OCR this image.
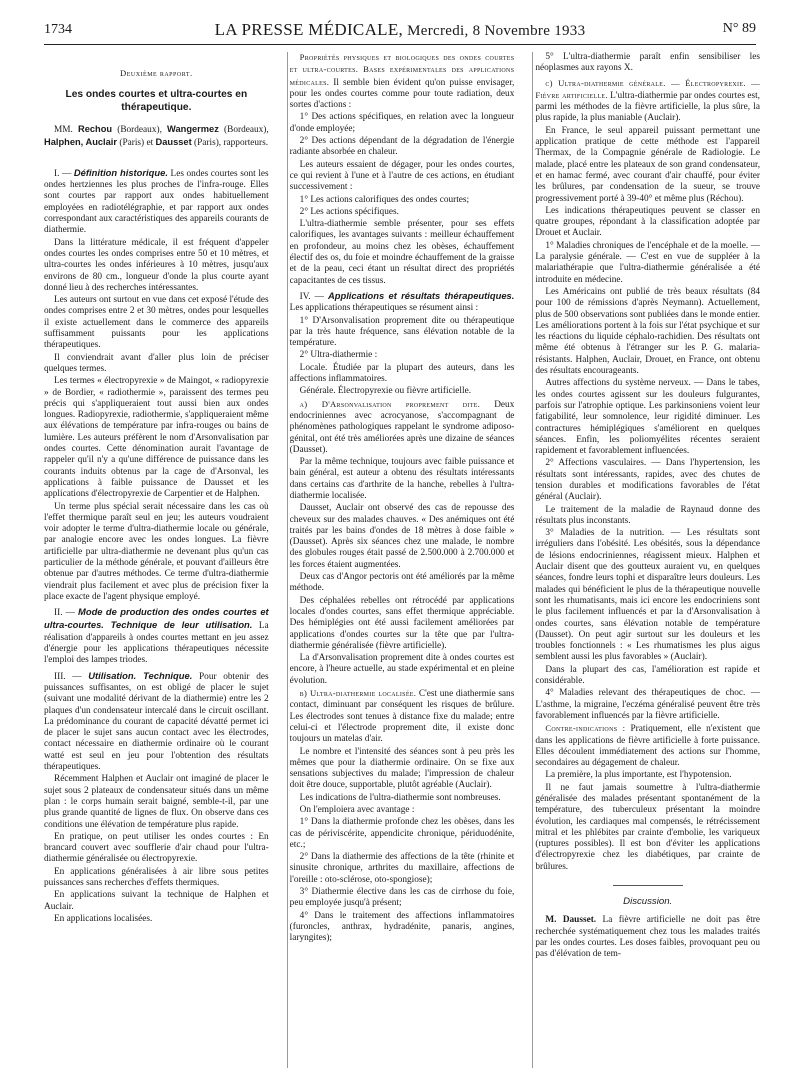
1734	LA PRESSE MÉDICALE, Mercredi, 8 Novembre 1933	N° 89

Deuxième rapport.

Les ondes courtes et ultra-courtes en thérapeutique.

MM. Rechou (Bordeaux), Wangermez (Bordeaux), Halphen, Auclair (Paris) et Dausset (Paris), rapporteurs.

I. — Définition historique. Les ondes courtes sont les ondes hertziennes les plus proches de l'infra-rouge. Elles sont courtes par rapport aux ondes habituellement employées en radiotélégraphie, et par rapport aux ondes correspondant aux caractéristiques des appareils courants de diathermie.

Dans la littérature médicale, il est fréquent d'appeler ondes courtes les ondes comprises entre 50 et 10 mètres, et ultra-courtes les ondes inférieures à 10 mètres, jusqu'aux environs de 80 cm., longueur d'onde la plus courte ayant donné lieu à des recherches intéressantes.

Les auteurs ont surtout en vue dans cet exposé l'étude des ondes comprises entre 2 et 30 mètres, ondes pour lesquelles il existe actuellement dans le commerce des appareils suffisamment puissants pour les applications thérapeutiques.

Il conviendrait avant d'aller plus loin de préciser quelques termes.

Les termes « électropyrexie » de Maingot, « radiopyrexie » de Bordier, « radiothermie », paraissent des termes peu précis qui s'appliqueraient tout aussi bien aux ondes longues. Radiopyrexie, radiothermie, s'appliqueraient même aux élévations de température par infra-rouges ou bains de lumière. Les auteurs préfèrent le nom d'Arsonvalisation par ondes courtes. Cette dénomination aurait l'avantage de rappeler qu'il n'y a qu'une différence de puissance dans les courants induits obtenus par la cage de d'Arsonval, les applications à faible puissance de Dausset et les applications d'électropyrexie de Carpentier et de Halphen.

Un terme plus spécial serait nécessaire dans les cas où l'effet thermique paraît seul en jeu; les auteurs voudraient voir adopter le terme d'ultra-diathermie locale ou générale, par analogie encore avec les ondes longues. La fièvre artificielle par ultra-diathermie ne devenant plus qu'un cas particulier de la méthode générale, et pouvant d'ailleurs être obtenue par d'autres méthodes. Ce terme d'ultra-diathermie viendrait plus facilement et avec plus de précision fixer la place exacte de l'agent physique employé.

II. — Mode de production des ondes courtes et ultra-courtes. Technique de leur utilisation. La réalisation d'appareils à ondes courtes mettant en jeu assez d'énergie pour les applications thérapeutiques nécessite l'emploi des lampes triodes.

III. — Utilisation. Technique. Pour obtenir des puissances suffisantes, on est obligé de placer le sujet (suivant une modalité dérivant de la diathermie) entre les 2 plaques d'un condensateur intercalé dans le circuit oscillant. La prédominance du courant de capacité dévatté permet ici de placer le sujet sans aucun contact avec les électrodes, contact nécessaire en diathermie ordinaire où le courant watté est seul en jeu pour l'obtention des résultats thérapeutiques.

Récemment Halphen et Auclair ont imaginé de placer le sujet sous 2 plateaux de condensateur situés dans un même plan : le corps humain serait baigné, semble-t-il, par une plus grande quantité de lignes de flux. On observe dans ces conditions une élévation de température plus rapide.

En pratique, on peut utiliser les ondes courtes : En brancard couvert avec soufflerie d'air chaud pour l'ultra-diathermie généralisée ou électropyrexie.

En applications généralisées à air libre sous petites puissances sans recherches d'effets thermiques.

En applications suivant la technique de Halphen et Auclair.

En applications localisées.

Propriétés physiques et biologiques des ondes courtes et ultra-courtes. Bases expérimentales des applications médicales. Il semble bien évident qu'on puisse envisager, pour les ondes courtes comme pour toute radiation, deux sortes d'actions :

1° Des actions spécifiques, en relation avec la longueur d'onde employée;

2° Des actions dépendant de la dégradation de l'énergie radiante absorbée en chaleur.

Les auteurs essaient de dégager, pour les ondes courtes, ce qui revient à l'une et à l'autre de ces actions, en étudiant successivement :

1° Les actions calorifiques des ondes courtes;

2° Les actions spécifiques.

L'ultra-diathermie semble présenter, pour ses effets calorifiques, les avantages suivants : meilleur échauffement en profondeur, au moins chez les obèses, échauffement électif des os, du foie et moindre échauffement de la graisse et de la peau, ceci étant un résultat direct des propriétés capacitantes de ces tissus.

IV. — Applications et résultats thérapeutiques. Les applications thérapeutiques se résument ainsi :

1° D'Arsonvalisation proprement dite ou thérapeutique par la très haute fréquence, sans élévation notable de la température.

2° Ultra-diathermie :

Locale. Étudiée par la plupart des auteurs, dans les affections inflammatoires.

Générale. Électropyrexie ou fièvre artificielle.

a) D'Arsonvalisation proprement dite. Deux endocriniennes avec acrocyanose, s'accompagnant de phénomènes pathologiques rappelant le syndrome adiposo-génital, ont été très améliorées après une dizaine de séances (Dausset).

Par la même technique, toujours avec faible puissance et bain général, est auteur a obtenu des résultats intéressants dans certains cas d'arthrite de la hanche, rebelles à l'ultra-diathermie localisée.

Dausset, Auclair ont observé des cas de repousse des cheveux sur des malades chauves. « Des anémiques ont été traités par les bains d'ondes de 18 mètres à dose faible » (Dausset). Après six séances chez une malade, le nombre des globules rouges était passé de 2.500.000 à 2.700.000 et les forces étaient augmentées.

Deux cas d'Angor pectoris ont été améliorés par la même méthode.

Des céphalées rebelles ont rétrocédé par applications locales d'ondes courtes, sans effet thermique appréciable. Des hémiplégies ont été aussi facilement améliorées par applications d'ondes courtes sur la tête que par l'ultra-diathermie généralisée (fièvre artificielle).

La d'Arsonvalisation proprement dite à ondes courtes est encore, à l'heure actuelle, au stade expérimental et en pleine évolution.

b) Ultra-diathermie localisée. C'est une diathermie sans contact, diminuant par conséquent les risques de brûlure. Les électrodes sont tenues à distance fixe du malade; entre celui-ci et l'électrode proprement dite, il existe donc toujours un matelas d'air.

Le nombre et l'intensité des séances sont à peu près les mêmes que pour la diathermie ordinaire. On se fixe aux sensations subjectives du malade; l'impression de chaleur doit être douce, supportable, plutôt agréable (Auclair).

Les indications de l'ultra-diathermie sont nombreuses.

On l'emploiera avec avantage :

1° Dans la diathermie profonde chez les obèses, dans les cas de périviscérite, appendicite chronique, périduodénite, etc.;

2° Dans la diathermie des affections de la tête (rhinite et sinusite chronique, arthrites du maxillaire, affections de l'oreille : oto-sclérose, oto-spongiose);

3° Diathermie élective dans les cas de cirrhose du foie, peu employée jusqu'à présent;

4° Dans le traitement des affections inflammatoires (furoncles, anthrax, hydradénite, panaris, angines, laryngites);

5° L'ultra-diathermie paraît enfin sensibiliser les néoplasmes aux rayons X.

c) Ultra-diathermie générale. — Électropyrexie. — Fièvre artificielle. L'ultra-diathermie par ondes courtes est, parmi les méthodes de la fièvre artificielle, la plus sûre, la plus rapide, la plus maniable (Auclair).

En France, le seul appareil puissant permettant une application pratique de cette méthode est l'appareil Thermax, de la Compagnie générale de Radiologie. Le malade, placé entre les plateaux de son grand condensateur, et en hamac fermé, avec courant d'air chauffé, pour éviter les brûlures, par condensation de la sueur, se trouve progressivement porté à 39-40° et même plus (Réchou).

Les indications thérapeutiques peuvent se classer en quatre groupes, répondant à la classification adoptée par Drouet et Auclair.

1° Maladies chroniques de l'encéphale et de la moelle. — La paralysie générale. — C'est en vue de suppléer à la malariathérapie que l'ultra-diathermie généralisée a été introduite en médecine.

Les Américains ont publié de très beaux résultats (84 pour 100 de rémissions d'après Neymann). Actuellement, plus de 500 observations sont publiées dans le monde entier. Les améliorations portent à la fois sur l'état psychique et sur les réactions du liquide céphalo-rachidien. Des résultats ont même été obtenus à l'étranger sur les P. G. malaria-résistants. Halphen, Auclair, Drouet, en France, ont obtenu des résultats encourageants.

Autres affections du système nerveux. — Dans le tabes, les ondes courtes agissent sur les douleurs fulgurantes, parfois sur l'atrophie optique. Les parkinsoniens voient leur fatigabilité, leur somnolence, leur rigidité diminuer. Les contractures hémiplégiques s'améliorent en quelques séances. Enfin, les poliomyélites récentes seraient rapidement et favorablement influencées.

2° Affections vasculaires. — Dans l'hypertension, les résultats sont intéressants, rapides, avec des chutes de tension durables et modifications favorables de l'état général (Auclair).

Le traitement de la maladie de Raynaud donne des résultats plus inconstants.

3° Maladies de la nutrition. — Les résultats sont irréguliers dans l'obésité. Les obésités, sous la dépendance de lésions endocriniennes, réagissent mieux. Halphen et Auclair disent que des goutteux auraient vu, en quelques séances, fondre leurs tophi et disparaître leurs douleurs. Les malades qui bénéficient le plus de la thérapeutique nouvelle sont les rhumatisants, mais ici encore les endocriniens sont le plus facilement influencés et par la d'Arsonvalisation à ondes courtes, sans élévation notable de température (Dausset). On peut agir surtout sur les douleurs et les troubles fonctionnels : « Les rhumatismes les plus aigus semblent aussi les plus favorables » (Auclair).

Dans la plupart des cas, l'amélioration est rapide et considérable.

4° Maladies relevant des thérapeutiques de choc. — L'asthme, la migraine, l'eczéma généralisé peuvent être très favorablement influencés par la fièvre artificielle.

Contre-indications : Pratiquement, elle n'existent que dans les applications de fièvre artificielle à forte puissance. Elles découlent immédiatement des actions sur l'homme, secondaires au dégagement de chaleur.

La première, la plus importante, est l'hypotension.

Il ne faut jamais soumettre à l'ultra-diathermie généralisée des malades présentant spontanément de la température, des tuberculeux présentant la moindre évolution, les cardiaques mal compensés, le rétrécissement mitral et les phlébites par crainte d'embolie, les variqueux (ruptures possibles). Il est bon d'éviter les applications d'électropyrexie chez les diabétiques, par crainte de brûlures.

Discussion.

M. Dausset. La fièvre artificielle ne doit pas être recherchée systématiquement chez tous les malades traités par les ondes courtes. Les doses faibles, provoquant peu ou pas d'élévation de tem-
